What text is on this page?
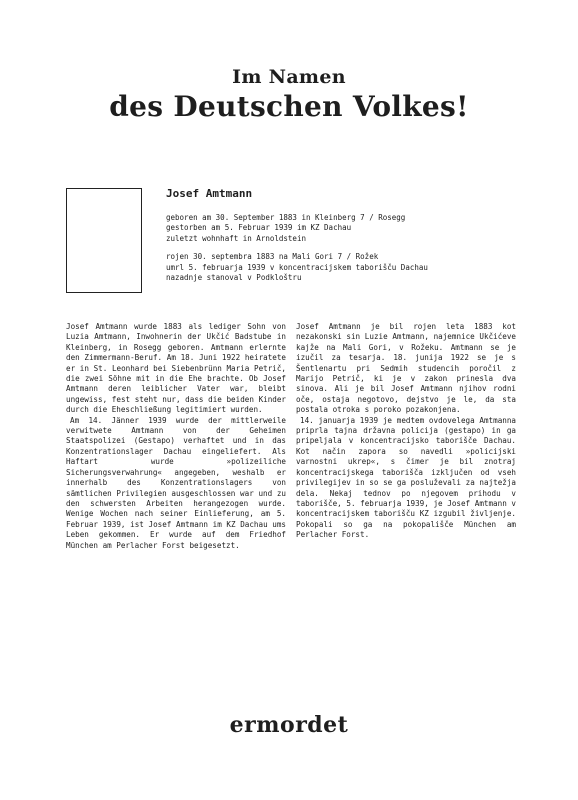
Im Namen
des Deutschen Volkes!
Josef Amtmann
geboren am 30. September 1883 in Kleinberg 7 / Rosegg
gestorben am 5. Februar 1939 im KZ Dachau
zuletzt wohnhaft in Arnoldstein
rojen 30. septembra 1883 na Mali Gori 7 / Rožek
umrl 5. februarja 1939 v koncentracijskem taborišču Dachau
nazadnje stanoval v Podkloštru

Josef Amtmann wurde 1883 als lediger Sohn von Luzia Amtmann, Inwohnerin der Ukčić Badstube in Kleinberg, in Rosegg geboren. Amtmann erlernte den Zimmermann-Beruf. Am 18. Juni 1922 heiratete er in St. Leonhard bei Siebenbrünn Maria Petrič, die zwei Söhne mit in die Ehe brachte. Ob Josef Amtmann deren leiblicher Vater war, bleibt ungewiss, fest steht nur, dass die beiden Kinder durch die Eheschließung legitimiert wurden.

Am 14. Jänner 1939 wurde der mittlerweile verwitwete Amtmann von der Geheimen Staatspolizei (Gestapo) verhaftet und in das Konzentrationslager Dachau eingeliefert. Als Haftart wurde »polizeiliche Sicherungsverwahrung« angegeben, weshalb er innerhalb des Konzentrationslagers von sämtlichen Privilegien ausgeschlossen war und zu den schwersten Arbeiten herangezogen wurde. Wenige Wochen nach seiner Einlieferung, am 5. Februar 1939, ist Josef Amtmann im KZ Dachau ums Leben gekommen. Er wurde auf dem Friedhof München am Perlacher Forst beigesetzt.

Josef Amtmann je bil rojen leta 1883 kot nezakonski sin Luzie Amtmann, najemnice Ukčićeve kajže na Mali Gori, v Rožeku. Amtmann se je izučil za tesarja. 18. junija 1922 se je s Šentlenartu pri Sedmih studencih poročil z Marijo Petrič, ki je v zakon prinesla dva sinova. Ali je bil Josef Amtmann njihov rodni oče, ostaja negotovo, dejstvo je le, da sta postala otroka s poroko pozakonjena.

14. januarja 1939 je medtem ovdovelega Amtmanna priprla tajna državna policija (gestapo) in ga pripeljala v koncentracijsko taborišče Dachau. Kot način zapora so navedli »policijski varnostni ukrep«, s čimer je bil znotraj koncentracijskega taborišča izključen od vseh privilegijev in so se ga posluževali za najtežja dela. Nekaj tednov po njegovem prihodu v taborišče, 5. februarja 1939, je Josef Amtmann v koncentracijskem taborišču KZ izgubil življenje. Pokopali so ga na pokopališče München am Perlacher Forst.

ermordet
